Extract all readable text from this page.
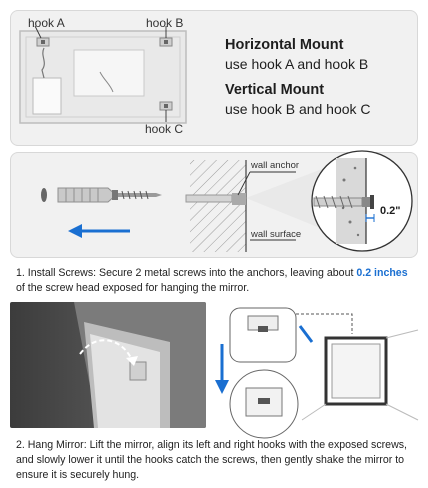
hook A	hook B
hook C
Horizontal Mount
use hook A and hook B
Vertical Mount
use hook B and hook C
wall anchor
wall surface
0.2"
1. Install Screws: Secure 2 metal screws into the anchors, leaving about 0.2 inches of the screw head exposed for hanging the mirror.
2. Hang Mirror: Lift the mirror, align its left and right hooks with the exposed screws, and slowly lower it until the hooks catch the screws, then gently shake the mirror to ensure it is securely hung.
